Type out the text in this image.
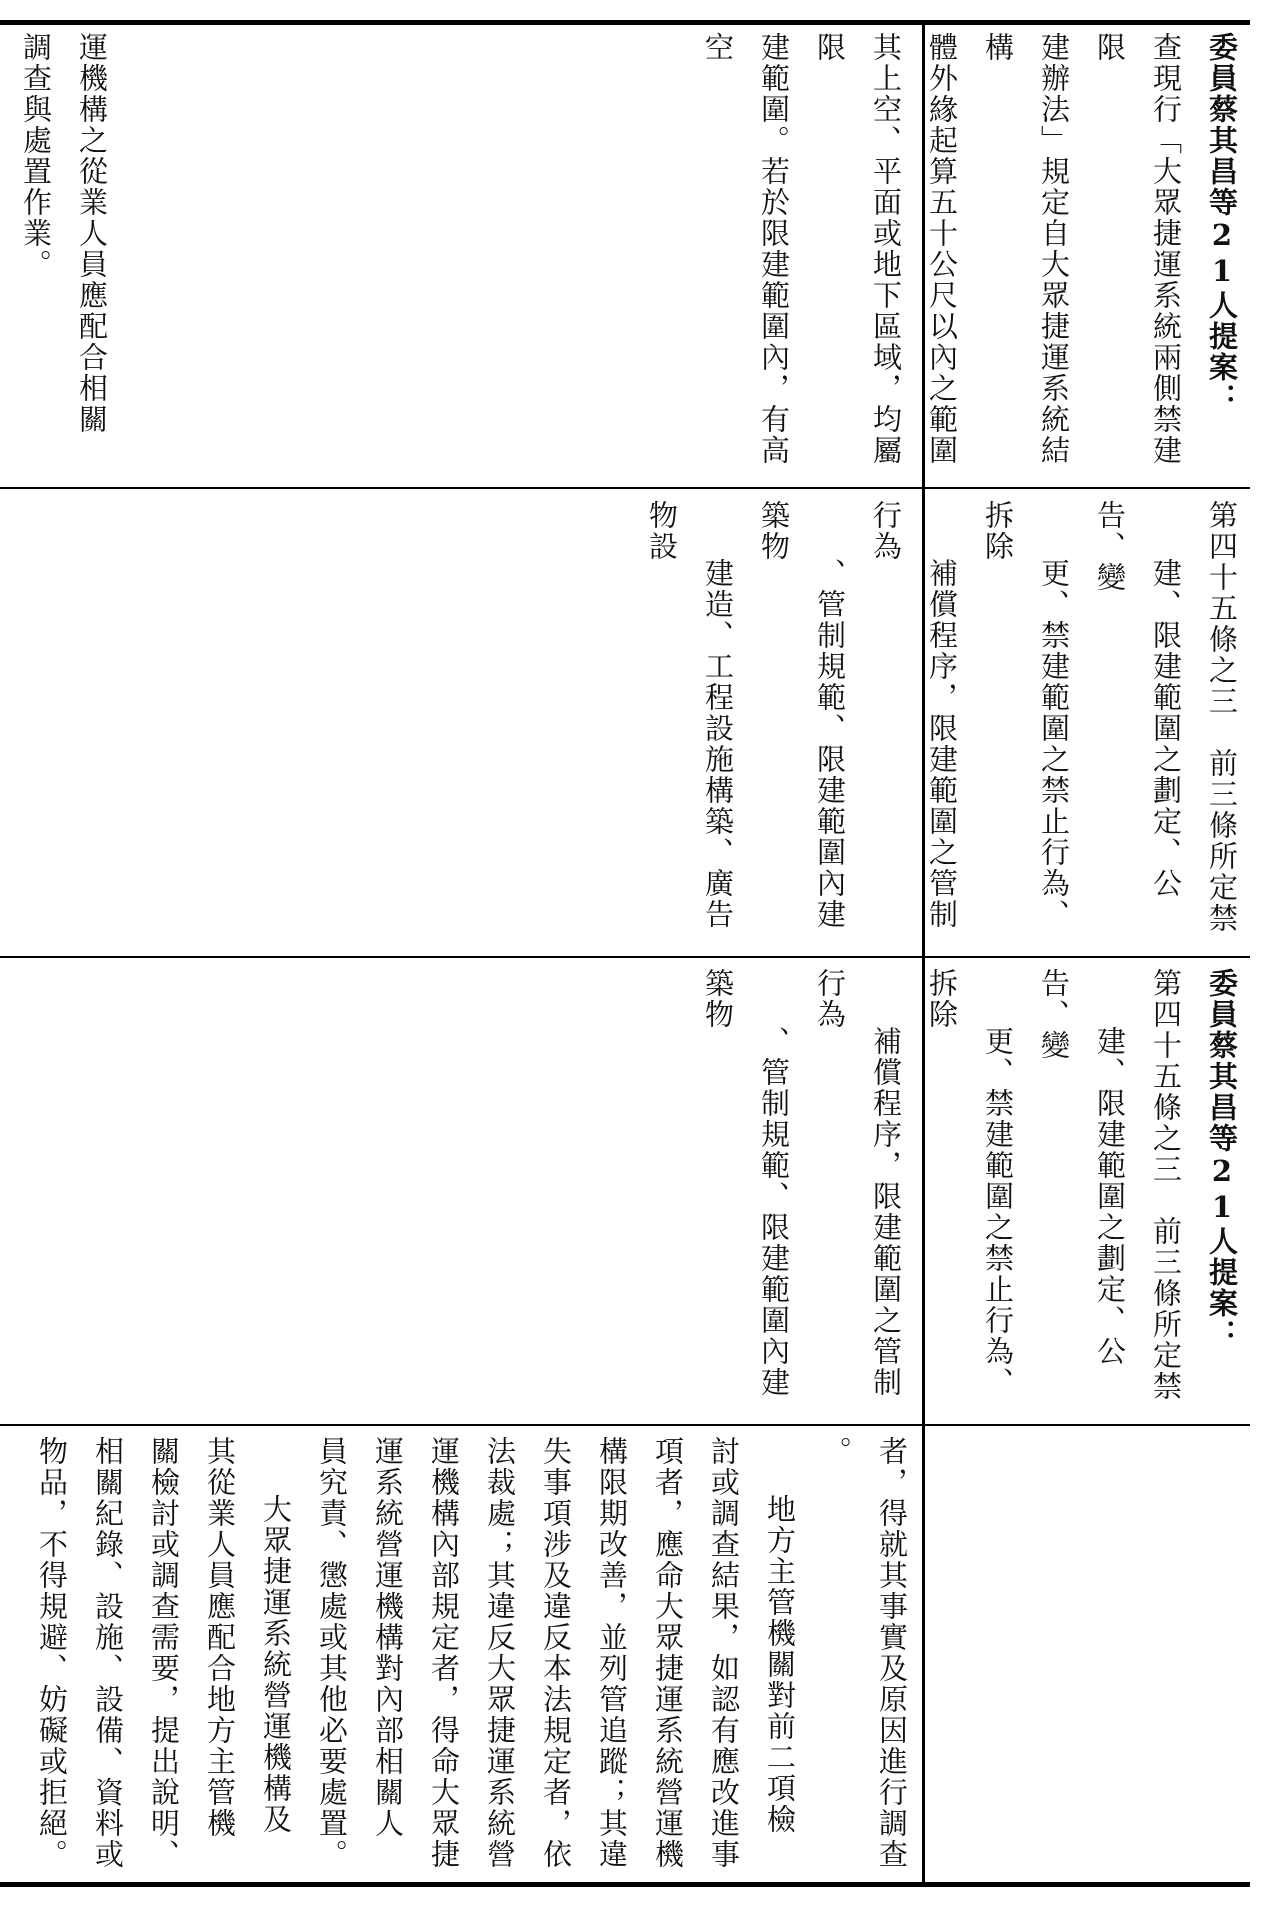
運機構之從業人員應配合相關

調查與處置作業。	委員蔡其昌等21人提案：

查現行「大眾捷運系統兩側禁建限

建辦法」規定自大眾捷運系統結構

體外緣起算五十公尺以內之範圍

其上空、平面或地下區域，均屬限

建範圍。若於限建範圍內，有高空

第四十五條之三　前三條所定禁

建、限建範圍之劃定、公告、變

更、禁建範圍之禁止行為、拆除

補償程序，限建範圍之管制行為

、管制規範、限建範圍內建築物

建造、工程設施構築、廣告物設

委員蔡其昌等21人提案：

第四十五條之三　前三條所定禁

建、限建範圍之劃定、公告、變

更、禁建範圍之禁止行為、拆除

補償程序，限建範圍之管制行為

、管制規範、限建範圍內建築物

者，得就其事實及原因進行調查

。

地方主管機關對前二項檢

討或調查結果，如認有應改進事

項者，應命大眾捷運系統營運機

構限期改善，並列管追蹤；其違

失事項涉及違反本法規定者，依

法裁處；其違反大眾捷運系統營

運機構內部規定者，得命大眾捷

運系統營運機構對內部相關人

員究責、懲處或其他必要處置。

大眾捷運系統營運機構及

其從業人員應配合地方主管機

關檢討或調查需要，提出說明、

相關紀錄、設施、設備、資料或

物品，不得規避、妨礙或拒絕。
